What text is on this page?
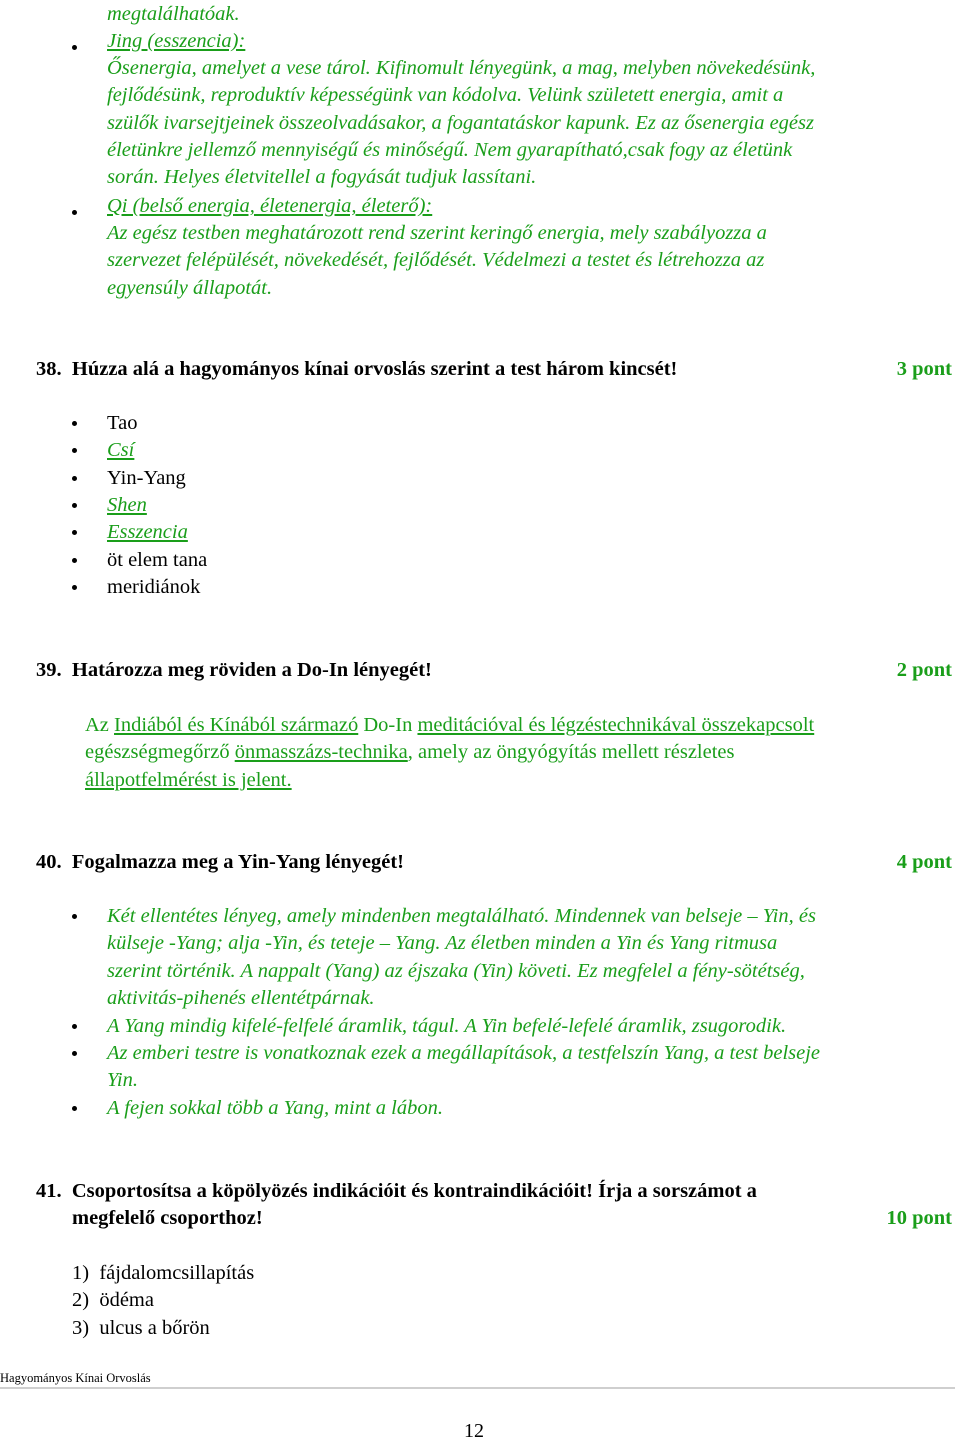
megtalálhatóak.
Jing (esszencia):
Ősenergia, amelyet a vese tárol. Kifinomult lényegünk, a mag, melyben növekedésünk,
fejlődésünk, reproduktív képességünk van kódolva. Velünk született energia, amit a
szülők ivarsejtjeinek összeolvadásakor, a fogantatáskor kapunk. Ez az ősenergia egész
életünkre jellemző mennyiségű és minőségű. Nem gyarapítható,csak fogy az életünk
során. Helyes életvitellel a fogyását tudjuk lassítani.
Qi (belső energia, életenergia, életerő):
Az egész testben meghatározott rend szerint keringő energia, mely szabályozza a
szervezet felépülését, növekedését, fejlődését. Védelmezi a testet és létrehozza az
egyensúly állapotát.
38. Húzza alá a hagyományos kínai orvoslás szerint a test három kincsét!	3 pont
Tao
Csí
Yin-Yang
Shen
Esszencia
öt elem tana
meridiánok
39. Határozza meg röviden a Do-In lényegét!	2 pont
Az Indiából és Kínából származó Do-In meditációval és légzéstechnikával összekapcsolt
egészségmegőrző önmasszázs-technika, amely az öngyógyítás mellett részletes
állapotfelmérést is jelent.
40. Fogalmazza meg a Yin-Yang lényegét!	4 pont
Két ellentétes lényeg, amely mindenben megtalálható. Mindennek van belseje – Yin, és
külseje -Yang; alja -Yin, és teteje – Yang. Az életben minden a Yin és Yang ritmusa
szerint történik. A nappalt (Yang) az éjszaka (Yin) követi. Ez megfelel a fény-sötétség,
aktivitás-pihenés ellentétpárnak.
A Yang mindig kifelé-felfelé áramlik, tágul. A Yin befelé-lefelé áramlik, zsugorodik.
Az emberi testre is vonatkoznak ezek a megállapítások, a testfelszín Yang, a test belseje
Yin.
A fejen sokkal több a Yang, mint a lábon.
41. Csoportosítsa a köpölyözés indikációit és kontraindikációit! Írja a sorszámot a
megfelelő csoporthoz!	10 pont
1) fájdalomcsillapítás
2) ödéma
3) ulcus a bőrön
Hagyományos Kínai Orvoslás
12
